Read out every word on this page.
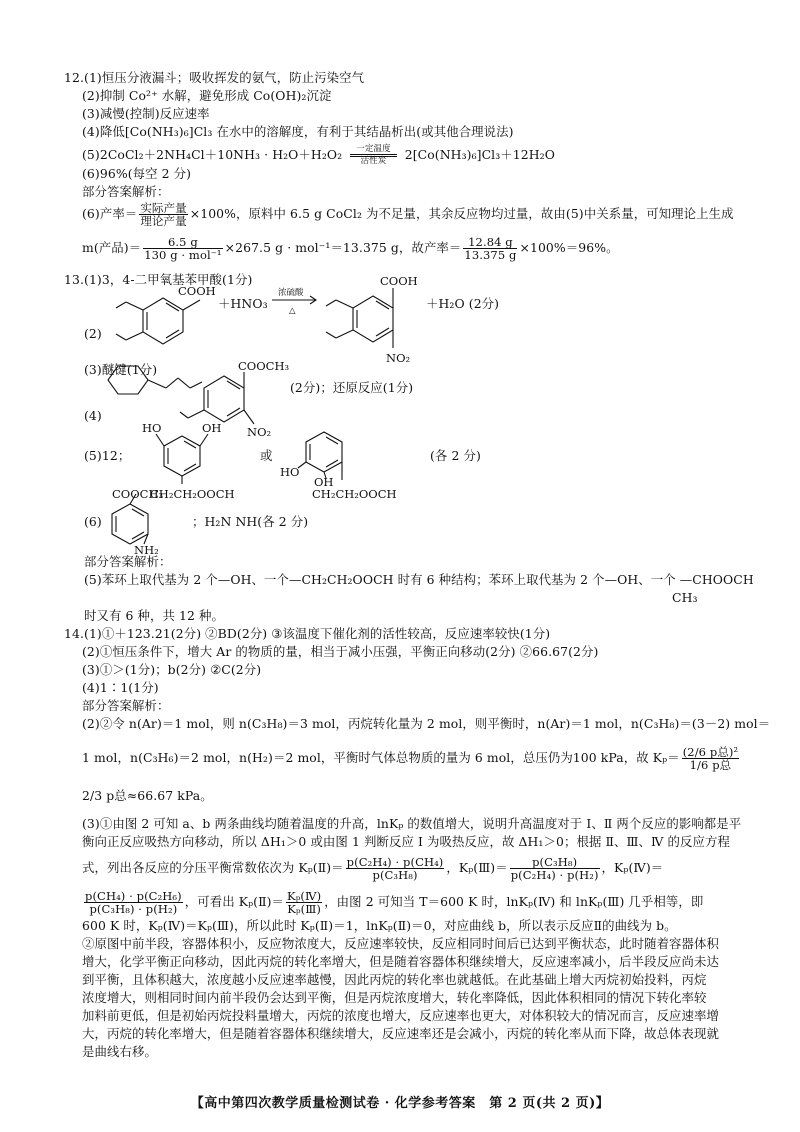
12.(1)恒压分液漏斗；吸收挥发的氨气，防止污染空气
(2)抑制 Co²⁺ 水解，避免形成 Co(OH)₂沉淀
(3)减慢(控制)反应速率
(4)降低[Co(NH₃)₆]Cl₃ 在水中的溶解度，有利于其结晶析出(或其他合理说法)
(5)2CoCl₂＋2NH₄Cl＋10NH₃ · $H_2O+H_2O_2 \frac{\text{一定温度}}{\text{活性炭}} 2[Co(NH_3)_6]Cl_3+12H_2O$
(6)96%(每空 2 分)
部分答案解析：
(6)产率＝ $\frac{\text{实际产量}}{\text{理论产量}} \times 100\%$，原料中 6.5 g CoCl₂ 为不足量，其余反应物均过量，故由(5)中关系量，可知理论上生成
m(产品)＝ $\frac{6.5 g}{\text{130 g · mol⁻¹}} \times 267.5$ g · mol⁻¹＝13.375 g，故产率＝ $\frac{12.84 g}{13.375 g} \times 100\%=96\%$。
13.(1)3，4-二甲氧基苯甲酸(1分)
(2)
COOH
＋HNO₃
浓硫酸
△
COOH
NO₂
＋H₂O (2分)
(3)醚键(1分)
(4)
COOCH₃
NO₂
(2分)；还原反应(1分)
(5)12；
HO	OH
CH₂CH₂OOCH
或
HO
OH
CH₂CH₂OOCH
(各 2 分)
(6)
COOCH₃
NH₂
；H₂N NH(各 2 分)
部分答案解析：
(5)苯环上取代基为 2 个—OH、一个—CH₂CH₂OOCH 时有 6 种结构；苯环上取代基为 2 个—OH、一个 —CHOOCH
CH₃
时又有 6 种，共 12 种。
14.(1)①＋123.21(2分) ②BD(2分) ③该温度下催化剂的活性较高，反应速率较快(1分)
(2)①恒压条件下，增大 Ar 的物质的量，相当于减小压强，平衡正向移动(2分) ②66.67(2分)
(3)①＞(1分)；b(2分) ②C(2分)
(4)1∶1(1分)
部分答案解析：
(2)②令 n(Ar)＝1 mol，则 n(C₃H₈)＝3 mol，丙烷转化量为 2 mol，则平衡时，n(Ar)＝1 mol，n(C₃H₈)＝(3－2) mol＝
1 mol，n(C₃H₆)＝2 mol，n(H₂)＝2 mol，平衡时气体总物质的量为 6 mol，总压仍为100 kPa，故 $K_p= \frac{\text{(2/6 p总)²}}{\text{1/6 p总}}$
2/3 p总≈66.67 kPa。
(3)①由图 2 可知 a、b 两条曲线均随着温度的升高，lnKₚ 的数值增大，说明升高温度对于 Ⅰ、Ⅱ 两个反应的影响都是平
衡向正反应吸热方向移动，所以 ΔH₁＞0 或由图 1 判断反应 Ⅰ 为吸热反应，故 ΔH₁＞0；根据 Ⅱ、Ⅲ、Ⅳ 的反应方程
式，列出各反应的分压平衡常数依次为 Kₚ(Ⅱ)＝ $\frac{\text{p(C₂H₄) · p(CH₄)}}{\text{p(C₃H₈)}}$ ，Kₚ(Ⅲ)＝ $\frac{\text{p(C₃H₈)}}{\text{p(C₂H₄) · p(H₂)}}$ ，Kₚ(Ⅳ)＝
$\frac{\text{p(CH₄) · p(C₂H₆)}}{\text{p(C₃H₈) · p(H₂)}}$ ，可看出 Kₚ(Ⅱ)＝ $\frac{\text{Kₚ(Ⅳ)}}{\text{Kₚ(Ⅲ)}}$ ，由图 2 可知当 T＝600 K 时，lnKₚ(Ⅳ) 和 lnKₚ(Ⅲ) 几乎相等，即
600 K 时，Kₚ(Ⅳ)＝Kₚ(Ⅲ)，所以此时 Kₚ(Ⅱ)＝1，lnKₚ(Ⅱ)＝0，对应曲线 b，所以表示反应Ⅱ的曲线为 b。
②原图中前半段，容器体积小，反应物浓度大，反应速率较快，反应相同时间后已达到平衡状态，此时随着容器体积
增大，化学平衡正向移动，因此丙烷的转化率增大，但是随着容器体积继续增大，反应速率减小，后半段反应尚未达
到平衡，且体积越大，浓度越小反应速率越慢，因此丙烷的转化率也就越低。在此基础上增大丙烷初始投料，丙烷
浓度增大，则相同时间内前半段仍会达到平衡，但是丙烷浓度增大，转化率降低，因此体积相同的情况下转化率较
加料前更低，但是初始丙烷投料量增大，丙烷的浓度也增大，反应速率也更大，对体积较大的情况而言，反应速率增
大，丙烷的转化率增大，但是随着容器体积继续增大，反应速率还是会减小，丙烷的转化率从而下降，故总体表现就
是曲线右移。
【高中第四次教学质量检测试卷 · 化学参考答案　第 2 页(共 2 页)】
